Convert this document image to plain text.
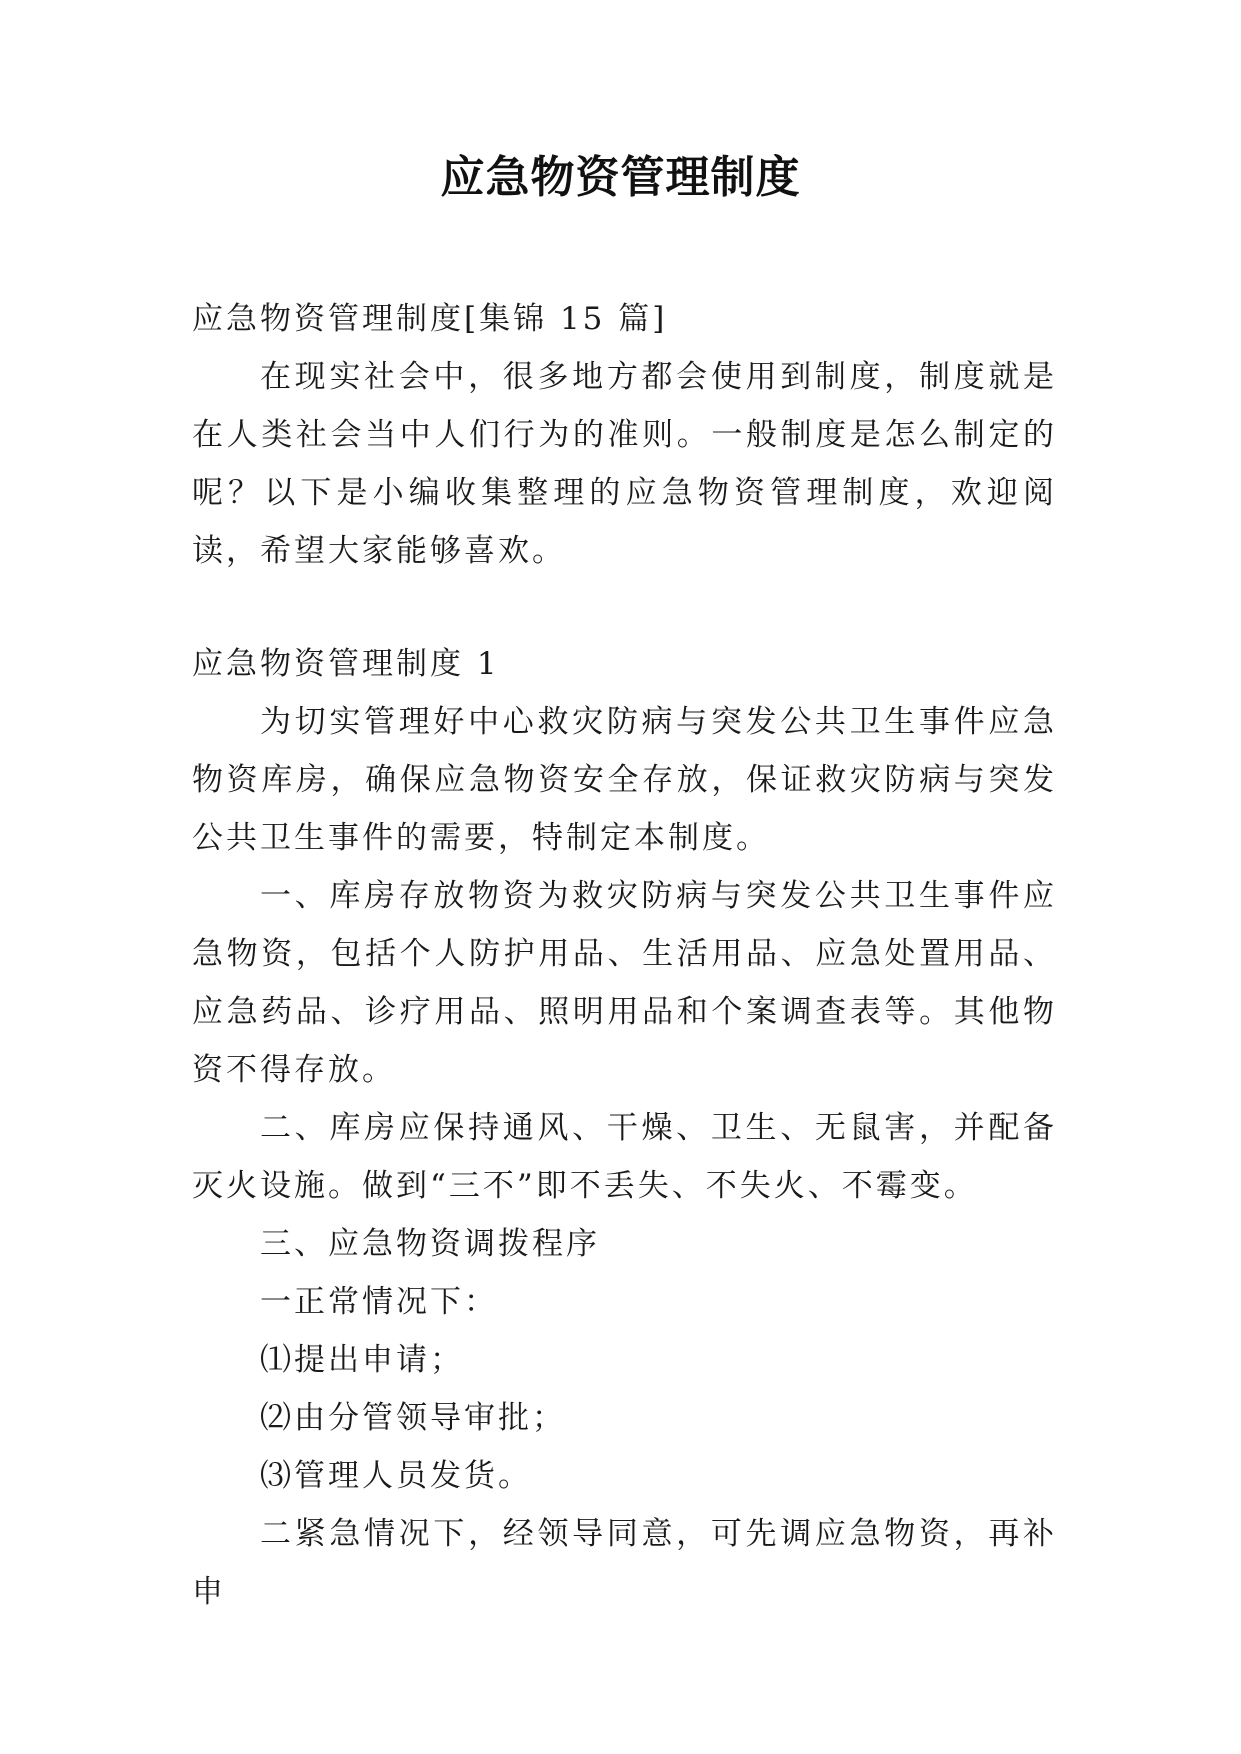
应急物资管理制度

应急物资管理制度[集锦 15 篇]

在现实社会中，很多地方都会使用到制度，制度就是在人类社会当中人们行为的准则。一般制度是怎么制定的呢？以下是小编收集整理的应急物资管理制度，欢迎阅读，希望大家能够喜欢。

应急物资管理制度 1

为切实管理好中心救灾防病与突发公共卫生事件应急物资库房，确保应急物资安全存放，保证救灾防病与突发公共卫生事件的需要，特制定本制度。

一、库房存放物资为救灾防病与突发公共卫生事件应急物资，包括个人防护用品、生活用品、应急处置用品、应急药品、诊疗用品、照明用品和个案调查表等。其他物资不得存放。

二、库房应保持通风、干燥、卫生、无鼠害，并配备灭火设施。做到“三不”即不丢失、不失火、不霉变。

三、应急物资调拨程序

一正常情况下：

⑴提出申请；

⑵由分管领导审批；

⑶管理人员发货。

二紧急情况下，经领导同意，可先调应急物资，再补申
